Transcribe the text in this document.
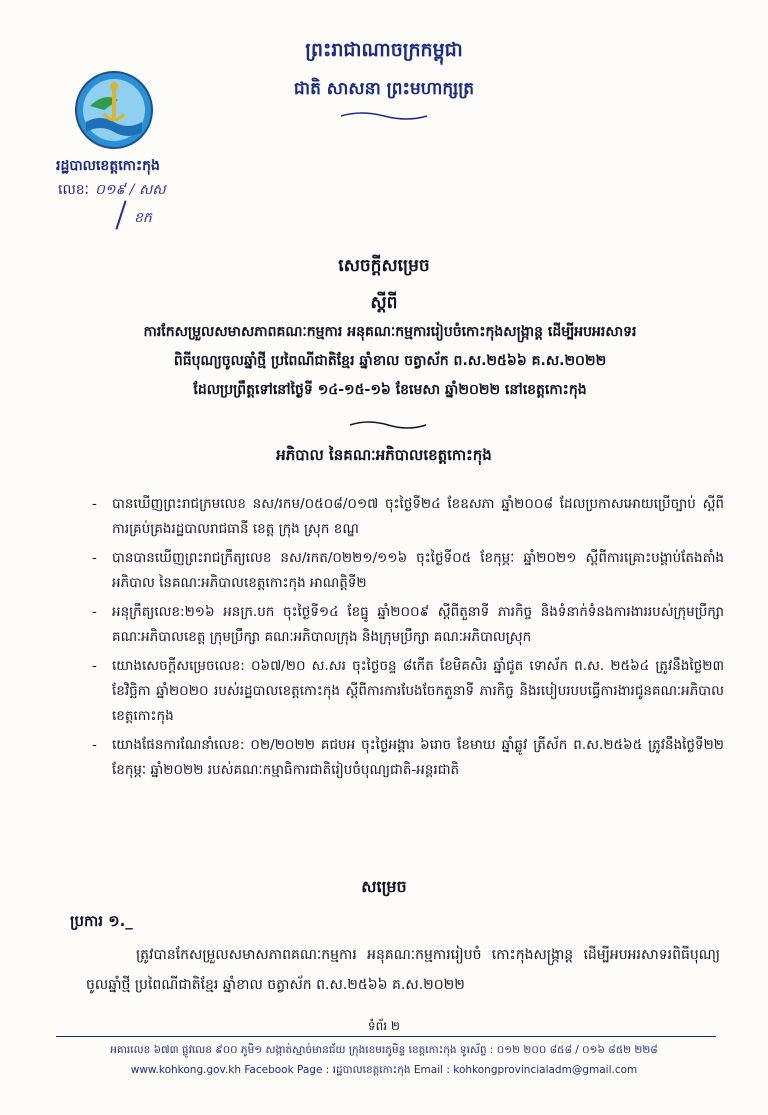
ព្រះរាជាណាចក្រកម្ពុជា
ជាតិ សាសនា ព្រះមហាក្សត្រ
រដ្ឋបាលខេត្តកោះកុង
លេខៈ ០១៩ / សស
ខក
សេចក្តីសម្រេច
ស្តីពី
ការកែសម្រួលសមាសភាពគណៈកម្មការ អនុគណៈកម្មការរៀបចំកោះកុងសង្ក្រាន្ត ដើម្បីអបអរសាទរ
ពិធីបុណ្យចូលឆ្នាំថ្មី ប្រពៃណីជាតិខ្មែរ ឆ្នាំខាល ចត្វាស័ក ព.ស.២៥៦៦ គ.ស.២០២២
ដែលប្រព្រឹត្តទៅនៅថ្ងៃទី ១៤-១៥-១៦ ខែមេសា ឆ្នាំ២០២២ នៅខេត្តកោះកុង
អភិបាល នៃគណៈអភិបាលខេត្តកោះកុង
- បានឃើញព្រះរាជក្រមលេខ នស/រកម/០៥០៨/០១៧ ចុះថ្ងៃទី២៤ ខែឧសភា ឆ្នាំ២០០៨ ដែលប្រកាសអោយប្រើច្បាប់ ស្តីពីការគ្រប់គ្រងរដ្ឋបាលរាជធានី ខេត្ត ក្រុង ស្រុក ខណ្ឌ
- បានបានឃើញព្រះរាជក្រឹត្យលេខ នស/រកត/០២២១/១១៦ ចុះថ្ងៃទី០៥ ខែកុម្ភៈ ឆ្នាំ២០២១ ស្តីពីការគ្រោះបង្គាប់តែងតាំងអភិបាល នៃគណៈអភិបាលខេត្តកោះកុង អាណត្តិទី២
- អនុក្រឹត្យលេខ:២១៦ អនក្រ.បក ចុះថ្ងៃទី១៤ ខែធ្នូ ឆ្នាំ២០០៩ ស្តីពីតួនាទី ភារកិច្ច និងទំនាក់ទំនងការងាររបស់ក្រុមប្រឹក្សា គណៈអភិបាលខេត្ត ក្រុមប្រឹក្សា គណៈអភិបាលក្រុង និងក្រុមប្រឹក្សា គណៈអភិបាលស្រុក
- យោងសេចក្តីសម្រេចលេខ: ០៦៧/២០ ស.សរ ចុះថ្ងៃចន្ទ ៨កើត ខែមិគសិរ ឆ្នាំជូត ទោស័ក ព.ស. ២៥៦៤ ត្រូវនឹងថ្ងៃ២៣ ខែវិច្ឆិកា ឆ្នាំ២០២០ របស់រដ្ឋបាលខេត្តកោះកុង ស្តីពីការការបែងចែកតួនាទី ភារកិច្ច និងរបៀបរបបធ្វើការងារជូនគណៈអភិបាលខេត្តកោះកុង
- យោងផែនការណែនាំលេខ: ០២/២០២២ គជបអ ចុះថ្ងៃអង្គារ ៦រោច ខែមាឃ ឆ្នាំឆ្លូវ ត្រីស័ក ព.ស.២៥៦៥ ត្រូវនឹងថ្ងៃទី២២ ខែកុម្ភៈ ឆ្នាំ២០២២ របស់គណៈកម្មាធិការជាតិរៀបចំបុណ្យជាតិ-អន្តរជាតិ
សម្រេច
ប្រការ ១._
ត្រូវបានកែសម្រួលសមាសភាពគណៈកម្មការ អនុគណៈកម្មការរៀបចំ កោះកុងសង្ក្រាន្ត ដើម្បីអបអរសាទរពិធីបុណ្យចូលឆ្នាំថ្មី ប្រពៃណីជាតិខ្មែរ ឆ្នាំខាល ចត្វាស័ក ព.ស.២៥៦៦ គ.ស.២០២២
ទំព័រ ២
អគារលេខ ៦៧៣ ផ្លូវលេខ ៩០០ ភូមិ១ សង្កាត់ស្មាច់មានជ័យ ក្រុងខេមរភូមិន្ទ ខេត្តកោះកុង ទូរស័ព្ទ : ០១២ ២០០ ៨៥៨ / ០១៦ ៨៥២ ២២៨
www.kohkong.gov.kh Facebook Page : រដ្ឋបាលខេត្តកោះកុង Email : kohkongprovincialadm@gmail.com
